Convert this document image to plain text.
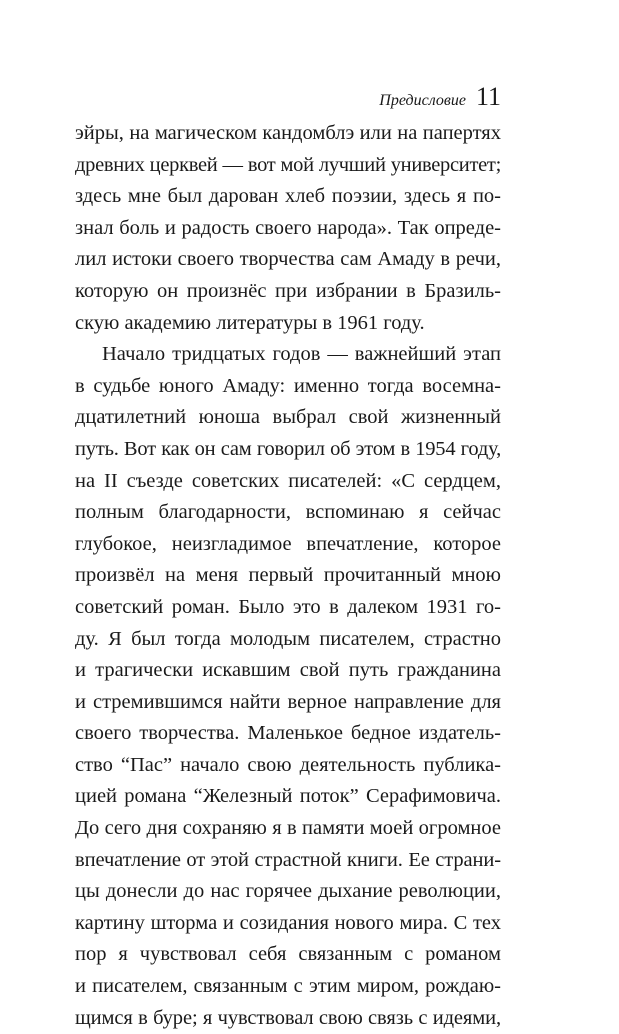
Предисловие 11
эйры, на магическом кандомблэ или на папертях
древних церквей — вот мой лучший университет;
здесь мне был дарован хлеб поэзии, здесь я по-
знал боль и радость своего народа». Так опреде-
лил истоки своего творчества сам Амаду в речи,
которую он произнёс при избрании в Бразиль-
скую академию литературы в 1961 году.
Начало тридцатых годов — важнейший этап
в судьбе юного Амаду: именно тогда восемна-
дцатилетний юноша выбрал свой жизненный
путь. Вот как он сам говорил об этом в 1954 году,
на II съезде советских писателей: «С сердцем,
полным благодарности, вспоминаю я сейчас
глубокое, неизгладимое впечатление, которое
произвёл на меня первый прочитанный мною
советский роман. Было это в далеком 1931 го-
ду. Я был тогда молодым писателем, страстно
и трагически искавшим свой путь гражданина
и стремившимся найти верное направление для
своего творчества. Маленькое бедное издатель-
ство “Пас” начало свою деятельность публика-
цией романа “Железный поток” Серафимовича.
До сего дня сохраняю я в памяти моей огромное
впечатление от этой страстной книги. Ее страни-
цы донесли до нас горячее дыхание революции,
картину шторма и созидания нового мира. С тех
пор я чувствовал себя связанным с романом
и писателем, связанным с этим миром, рождаю-
щимся в буре; я чувствовал свою связь с идеями,
